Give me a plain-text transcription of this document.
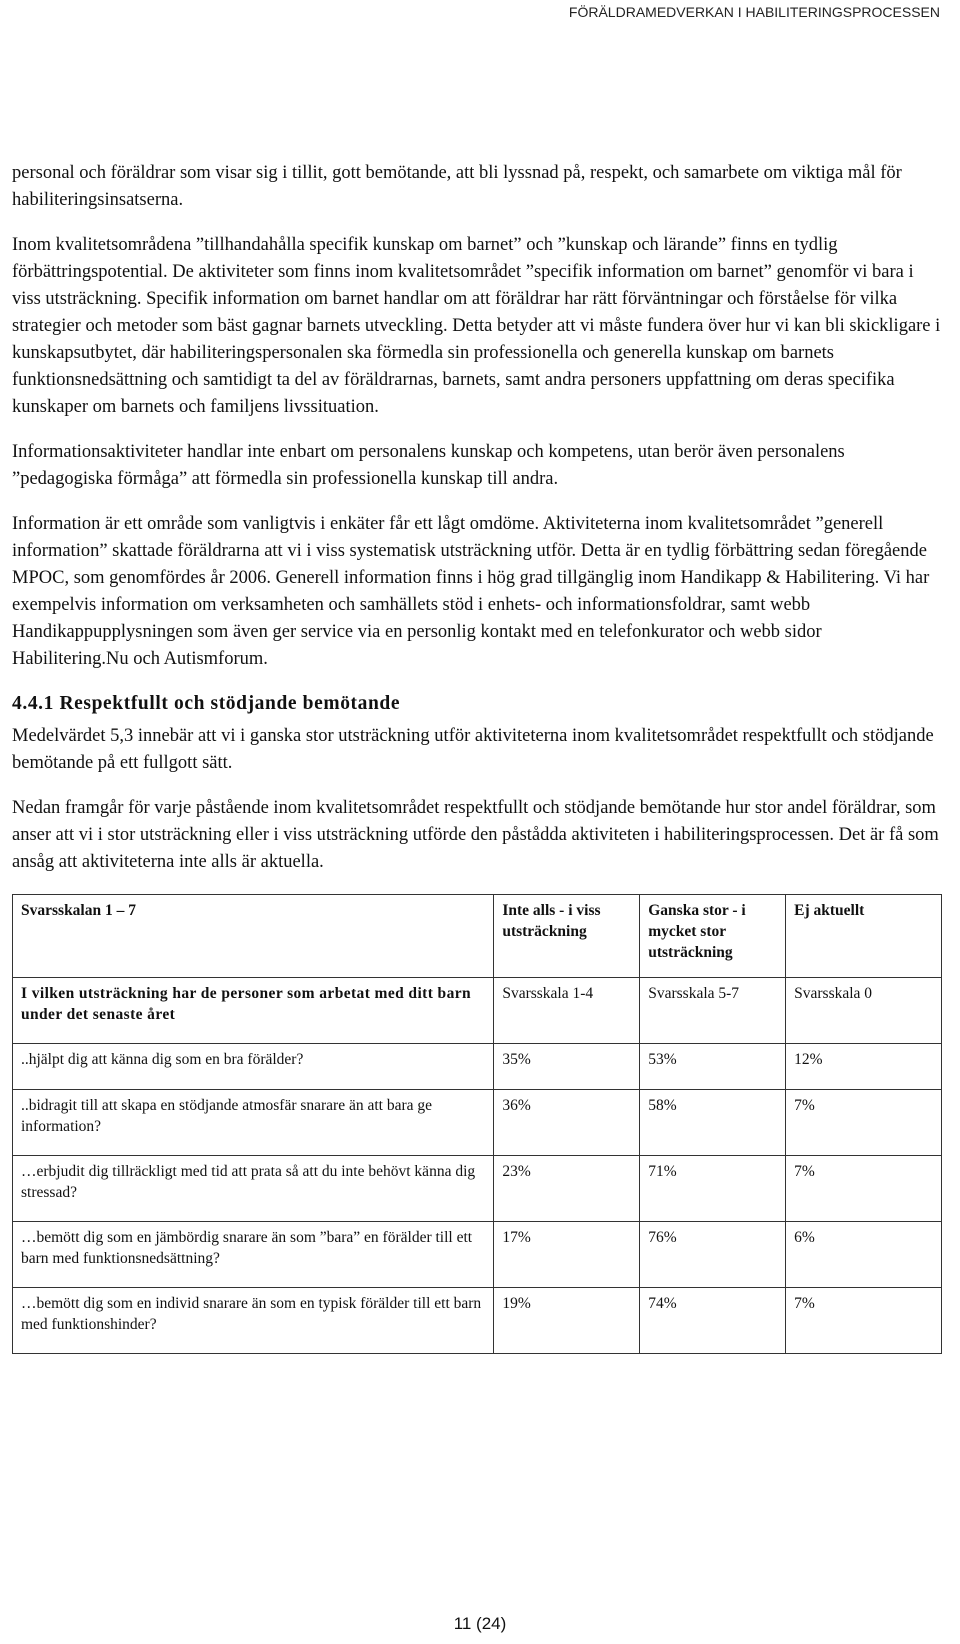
FÖRÄLDRAMEDVERKAN I HABILITERINGSPROCESSEN

personal och föräldrar som visar sig i tillit, gott bemötande, att bli lyssnad på, respekt, och samarbete om viktiga mål för habiliteringsinsatserna.

Inom kvalitetsområdena ”tillhandahålla specifik kunskap om barnet” och ”kunskap och lärande” finns en tydlig förbättringspotential. De aktiviteter som finns inom kvalitetsområdet ”specifik information om barnet” genomför vi bara i viss utsträckning. Specifik information om barnet handlar om att föräldrar har rätt förväntningar och förståelse för vilka strategier och metoder som bäst gagnar barnets utveckling. Detta betyder att vi måste fundera över hur vi kan bli skickligare i kunskapsutbytet, där habiliteringspersonalen ska förmedla sin professionella och generella kunskap om barnets funktionsnedsättning och samtidigt ta del av föräldrarnas, barnets, samt andra personers uppfattning om deras specifika kunskaper om barnets och familjens livssituation.

Informationsaktiviteter handlar inte enbart om personalens kunskap och kompetens, utan berör även personalens ”pedagogiska förmåga” att förmedla sin professionella kunskap till andra.

Information är ett område som vanligtvis i enkäter får ett lågt omdöme. Aktiviteterna inom kvalitetsområdet ”generell information” skattade föräldrarna att vi i viss systematisk utsträckning utför. Detta är en tydlig förbättring sedan föregående MPOC, som genomfördes år 2006. Generell information finns i hög grad tillgänglig inom Handikapp & Habilitering. Vi har exempelvis information om verksamheten och samhällets stöd i enhets- och informationsfoldrar, samt webb Handikappupplysningen som även ger service via en personlig kontakt med en telefonkurator och webb sidor Habilitering.Nu och Autismforum.

4.4.1 Respektfullt och stödjande bemötande

Medelvärdet 5,3 innebär att vi i ganska stor utsträckning utför aktiviteterna inom kvalitetsområdet respektfullt och stödjande bemötande på ett fullgott sätt.

Nedan framgår för varje påstående inom kvalitetsområdet respektfullt och stödjande bemötande hur stor andel föräldrar, som anser att vi i stor utsträckning eller i viss utsträckning utförde den påstådda aktiviteten i habiliteringsprocessen. Det är få som ansåg att aktiviteterna inte alls är aktuella.

Svarsskalan 1 – 7	Inte alls - i viss utsträckning	Ganska stor - i mycket stor utsträckning	Ej aktuellt
I vilken utsträckning har de personer som arbetat med ditt barn under det senaste året	Svarsskala 1-4	Svarsskala 5-7	Svarsskala 0
..hjälpt dig att känna dig som en bra förälder?	35%	53%	12%
..bidragit till att skapa en stödjande atmosfär snarare än att bara ge information?	36%	58%	7%
…erbjudit dig tillräckligt med tid att prata så att du inte behövt känna dig stressad?	23%	71%	7%
…bemött dig som en jämbördig snarare än som ”bara” en förälder till ett barn med funktionsnedsättning?	17%	76%	6%
…bemött dig som en individ snarare än som en typisk förälder till ett barn med funktionshinder?	19%	74%	7%
11 (24)
